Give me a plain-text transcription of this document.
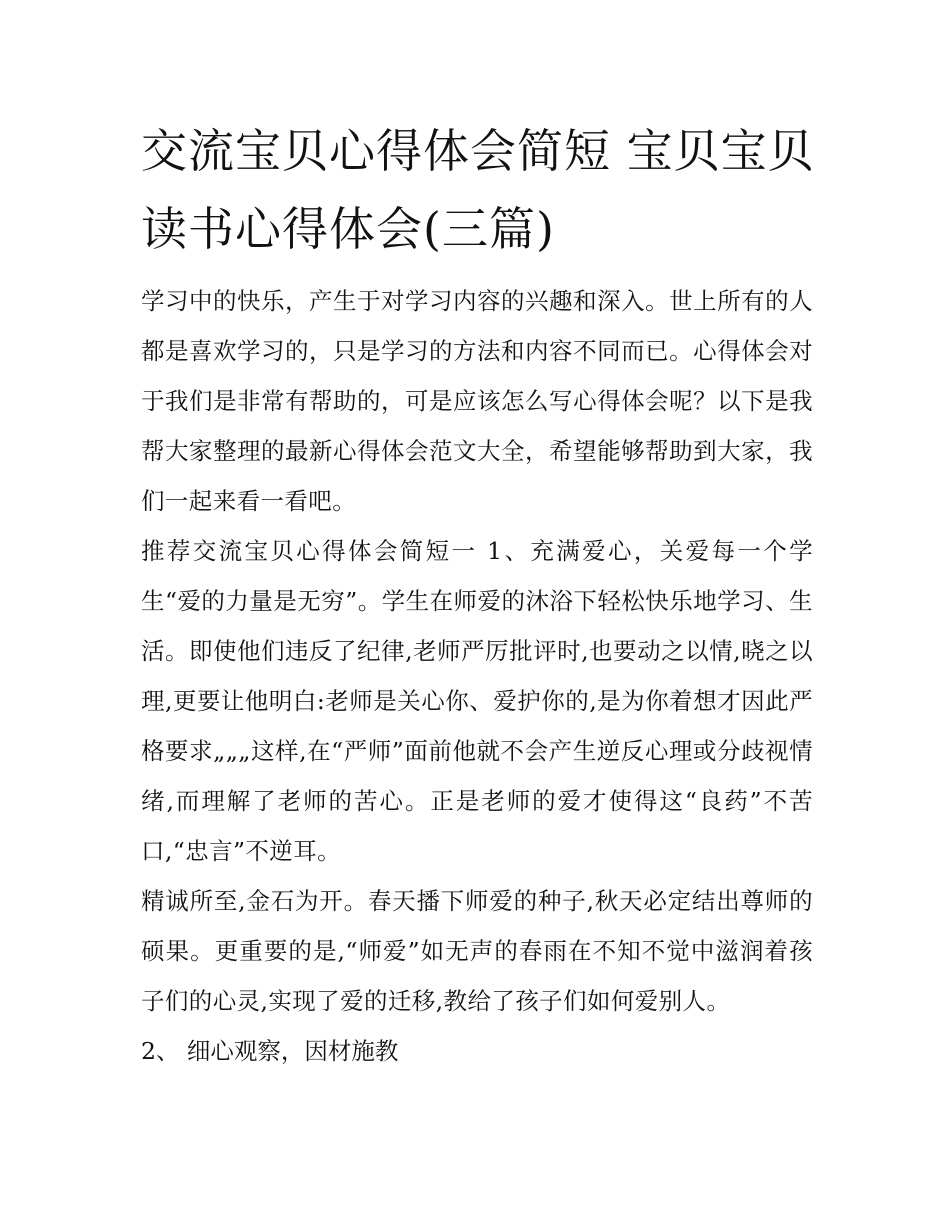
交流宝贝心得体会简短 宝贝宝贝读书心得体会(三篇)

学习中的快乐，产生于对学习内容的兴趣和深入。世上所有的人都是喜欢学习的，只是学习的方法和内容不同而已。心得体会对于我们是非常有帮助的，可是应该怎么写心得体会呢？以下是我帮大家整理的最新心得体会范文大全，希望能够帮助到大家，我们一起来看一看吧。

推荐交流宝贝心得体会简短一 1、充满爱心，关爱每一个学生“爱的力量是无穷”。学生在师爱的沐浴下轻松快乐地学习、生活。即使他们违反了纪律,老师严厉批评时,也要动之以情,晓之以理,更要让他明白:老师是关心你、爱护你的,是为你着想才因此严格要求„„„这样,在“严师”面前他就不会产生逆反心理或分歧视情绪,而理解了老师的苦心。正是老师的爱才使得这“良药”不苦口,“忠言”不逆耳。

精诚所至,金石为开。春天播下师爱的种子,秋天必定结出尊师的硕果。更重要的是,“师爱”如无声的春雨在不知不觉中滋润着孩子们的心灵,实现了爱的迁移,教给了孩子们如何爱别人。

2、 细心观察，因材施教
